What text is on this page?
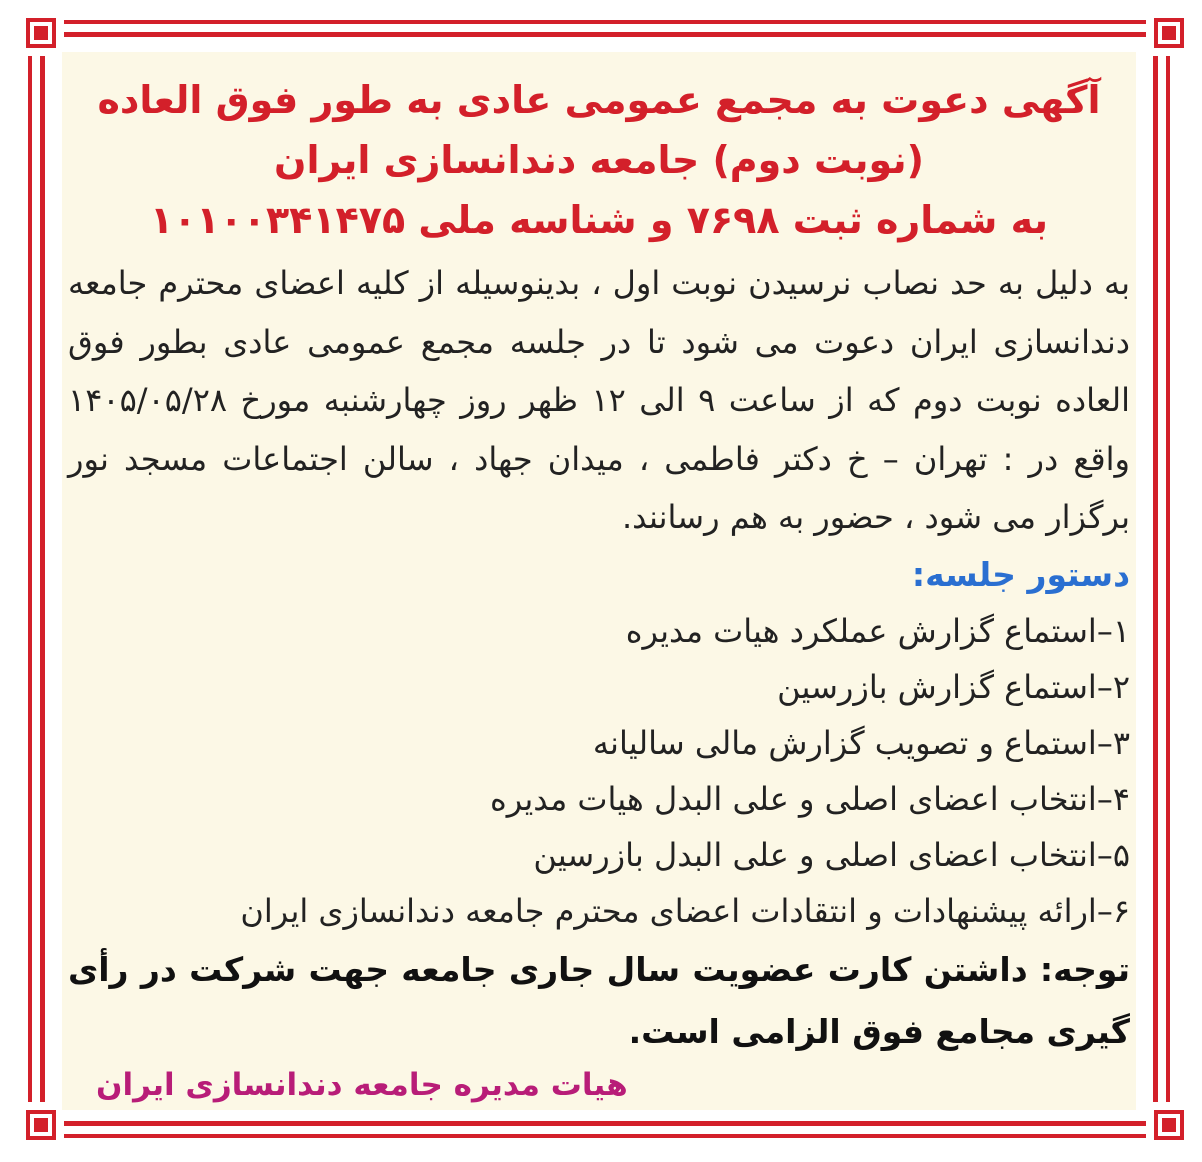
آگهی دعوت به مجمع عمومی عادی به طور فوق العاده

(نوبت دوم) جامعه دندانسازی ایران

به شماره ثبت ۷۶۹۸ و شناسه ملی ۱۰۱۰۰۳۴۱۴۷۵

به دلیل به حد نصاب نرسیدن نوبت اول ، بدینوسیله از کلیه اعضای محترم جامعه دندانسازی ایران دعوت می شود تا در جلسه مجمع عمومی عادی بطور فوق العاده نوبت دوم که از ساعت ۹ الی ۱۲ ظهر روز چهارشنبه مورخ ۱۴۰۵/۰۵/۲۸ واقع در : تهران – خ دکتر فاطمی ، میدان جهاد ، سالن اجتماعات مسجد نور برگزار می شود ، حضور به هم رسانند.

دستور جلسه:

۱–استماع گزارش عملکرد هیات مدیره
۲–استماع گزارش بازرسین
۳–استماع و تصویب گزارش مالی سالیانه
۴–انتخاب اعضای اصلی و علی البدل هیات مدیره
۵–انتخاب اعضای اصلی و علی البدل بازرسین
۶–ارائه پیشنهادات و انتقادات اعضای محترم جامعه دندانسازی ایران

توجه: داشتن کارت عضویت سال جاری جامعه جهت شرکت در رأی گیری مجامع فوق الزامی است.

هیات مدیره جامعه دندانسازی ایران
